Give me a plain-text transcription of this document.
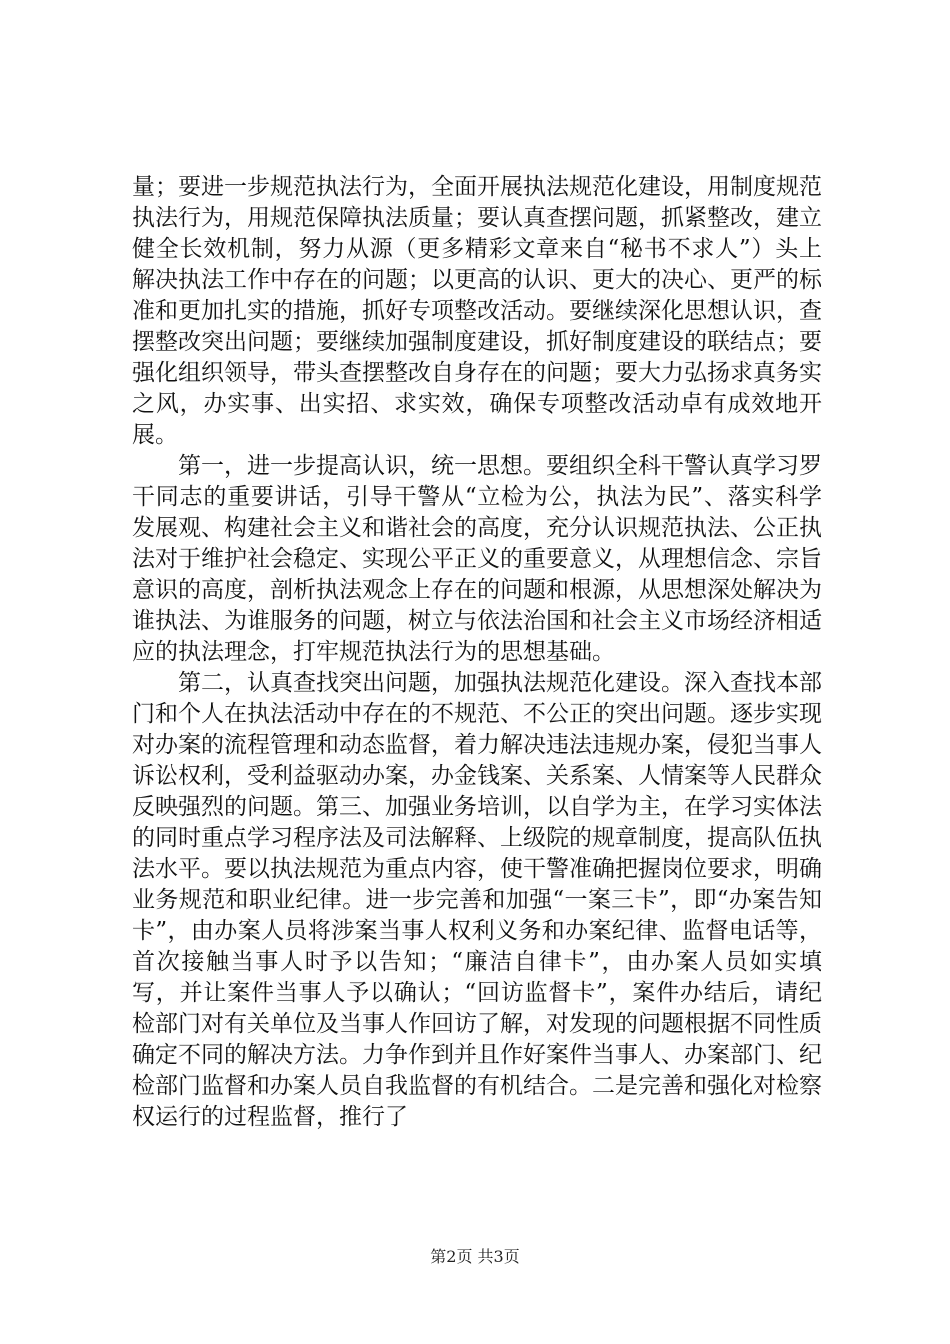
量；要进一步规范执法行为，全面开展执法规范化建设，用制度规范执法行为，用规范保障执法质量；要认真查摆问题，抓紧整改，建立健全长效机制，努力从源（更多精彩文章来自“秘书不求人”）头上解决执法工作中存在的问题；以更高的认识、更大的决心、更严的标准和更加扎实的措施，抓好专项整改活动。要继续深化思想认识，查摆整改突出问题；要继续加强制度建设，抓好制度建设的联结点；要强化组织领导，带头查摆整改自身存在的问题；要大力弘扬求真务实之风，办实事、出实招、求实效，确保专项整改活动卓有成效地开展。

第一，进一步提高认识，统一思想。要组织全科干警认真学习罗干同志的重要讲话，引导干警从“立检为公，执法为民”、落实科学发展观、构建社会主义和谐社会的高度，充分认识规范执法、公正执法对于维护社会稳定、实现公平正义的重要意义，从理想信念、宗旨意识的高度，剖析执法观念上存在的问题和根源，从思想深处解决为谁执法、为谁服务的问题，树立与依法治国和社会主义市场经济相适应的执法理念，打牢规范执法行为的思想基础。

第二，认真查找突出问题，加强执法规范化建设。深入查找本部门和个人在执法活动中存在的不规范、不公正的突出问题。逐步实现对办案的流程管理和动态监督，着力解决违法违规办案，侵犯当事人诉讼权利，受利益驱动办案，办金钱案、关系案、人情案等人民群众反映强烈的问题。第三、加强业务培训，以自学为主，在学习实体法的同时重点学习程序法及司法解释、上级院的规章制度，提高队伍执法水平。要以执法规范为重点内容，使干警准确把握岗位要求，明确业务规范和职业纪律。进一步完善和加强“一案三卡”，即“办案告知卡”，由办案人员将涉案当事人权利义务和办案纪律、监督电话等，首次接触当事人时予以告知；“廉洁自律卡”，由办案人员如实填写，并让案件当事人予以确认；“回访监督卡”，案件办结后，请纪检部门对有关单位及当事人作回访了解，对发现的问题根据不同性质确定不同的解决方法。力争作到并且作好案件当事人、办案部门、纪检部门监督和办案人员自我监督的有机结合。二是完善和强化对检察权运行的过程监督，推行了

第2页 共3页
